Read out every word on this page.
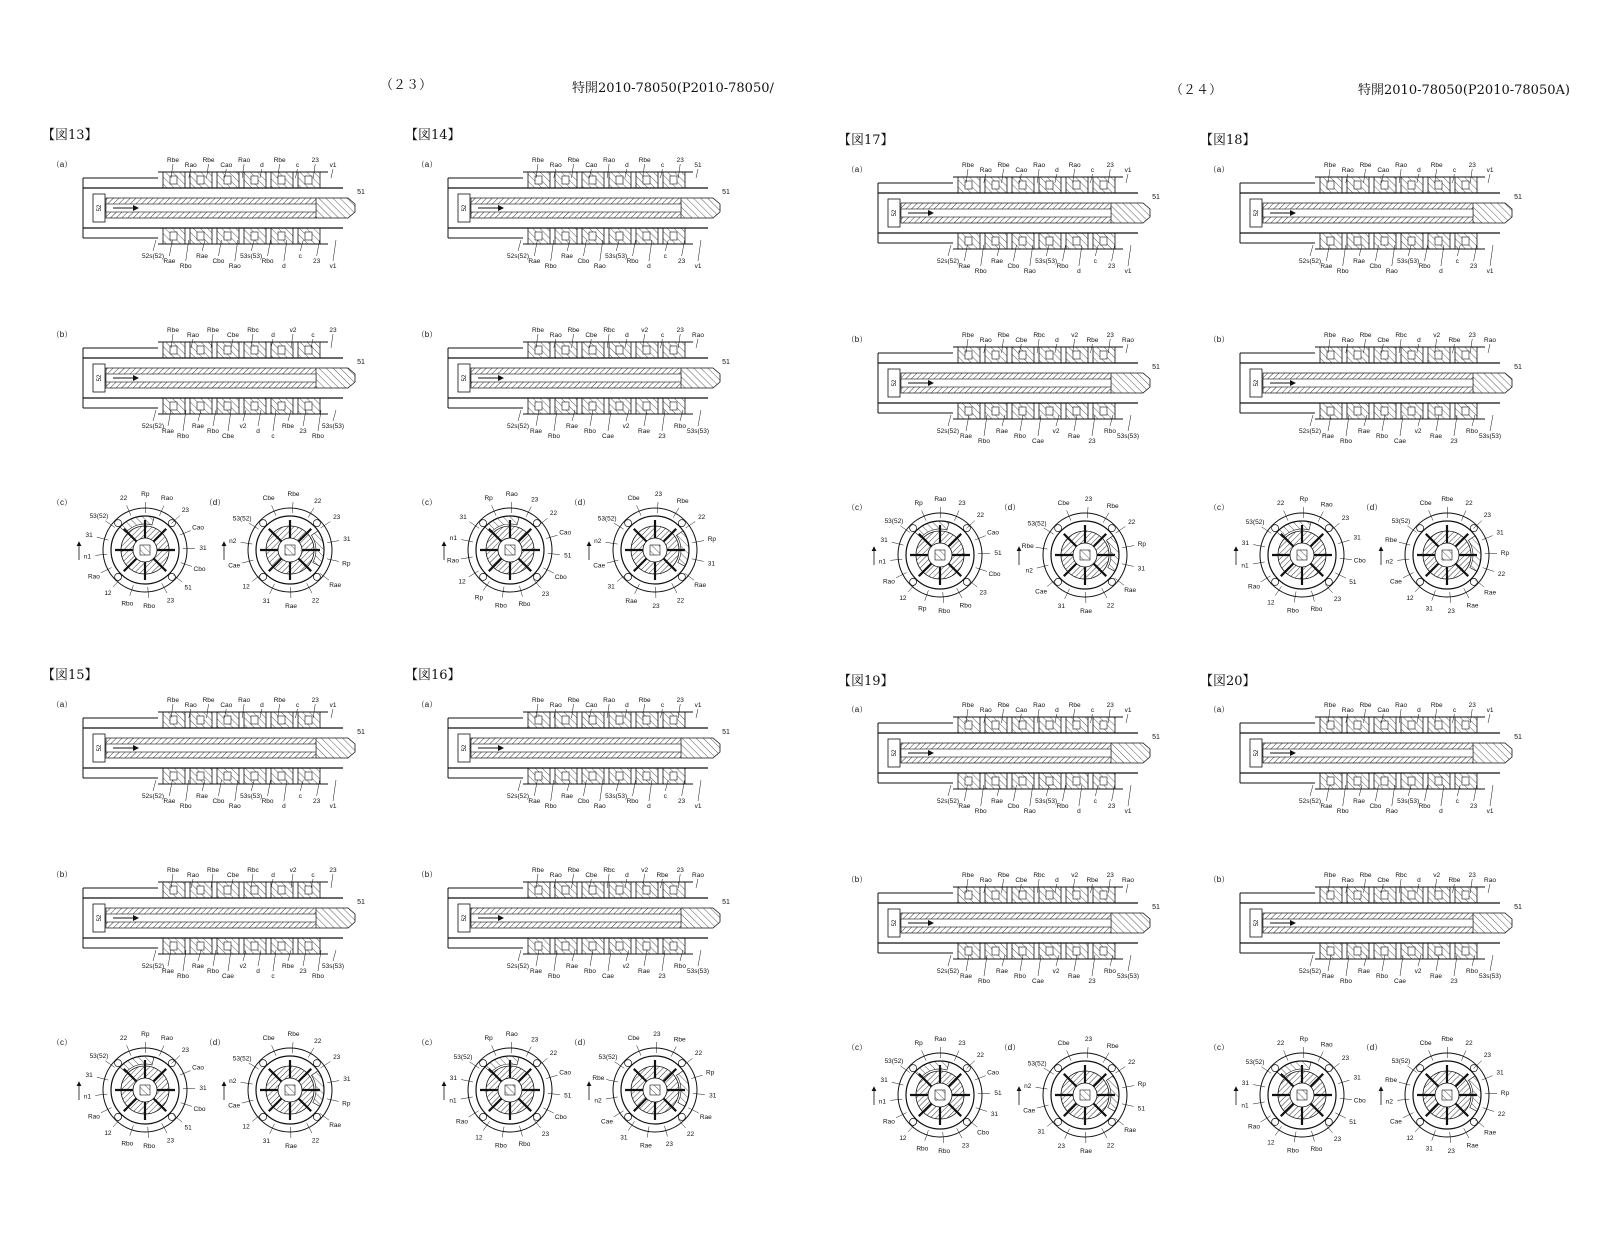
（２３）	特開2010-78050(P2010-78050/	（２４）	特開2010-78050(P2010-78050A)
【図13】	【図14】
【図15】	【図16】
【図17】	【図18】
【図19】	【図20】
（a）
52
51
Rbe
Rao
Rbe
Cao
Rao
d
Rbe
c
23
v1
52s(52)
Rae
Rbo
Rae
Cbo
Rao
53s(53)
Rbo
d
c
23
v1
（b）
52
51
Rbe
Rao
Rbe
Cbe
Rbc
d
v2
c
23
52s(52)
Rae
Rbo
Rae
Rbo
Cbe
v2
d
c
Rbe
23
Rbo
53s(53)
（c）	22
Rp
Rao
23
Cao
31
Cbo
51
23
Rbo
Rbo
12
Rao
n1
31
53(52)
（d）	Cbe
Rbe
22
23
31
Rp
Rae
22
Rae
31
12
Cae
n2
53(52)
（a）
52
51
Rbe
Rao
Rbe
Cao
Rao
d
Rbe
c
23
51
52s(52)
Rae
Rbo
Rae
Cbo
Rao
53s(53)
Rbo
d
c
23
v1
（b）
52
51
Rbe
Rao
Rbe
Cbe
Rbc
d
v2
c
23
Rao
52s(52)
Rae
Rbo
Rae
Rbo
Cae
v2
Rae
23
Rbo
53s(53)
（c）	Rp
Rao
23
22
Cao
51
Cbo
23
Rbo
Rbo
Rp
12
Rao
n1
31
（d）	Cbe
23
Rbe
22
Rp
31
Rae
22
23
Rae
31
Cae
n2
53(52)
（a）
52
51
Rbe
Rao
Rbe
Cao
Rao
d
Rbe
c
23
v1
52s(52)
Rae
Rbo
Rae
Cbo
Rao
53s(53)
Rbo
d
c
23
v1
（b）
52
51
Rbe
Rao
Rbe
Cbe
Rbc
d
v2
c
23
52s(52)
Rae
Rbo
Rae
Rbo
Cae
v2
d
c
Rbe
23
Rbo
53s(53)
（c）	22
Rp
Rao
23
Cao
31
Cbo
51
23
Rbo
Rbo
12
Rao
n1
31
53(52)
（d）	Cbe
Rbe
22
23
31
Rp
Rae
22
Rae
31
12
Cae
n2
53(52)
（a）
52
51
Rbe
Rao
Rbe
Cao
Rao
d
Rbe
c
23
v1
52s(52)
Rae
Rbo
Rae
Cbo
Rao
53s(53)
Rbo
d
c
23
v1
（b）
52
51
Rbe
Rao
Rbe
Cbe
Rbc
d
v2
Rbe
23
Rao
52s(52)
Rae
Rbo
Rae
Rbo
Cae
v2
Rae
23
Rbo
53s(53)
（c）	Rp
Rao
23
22
Cao
51
Cbo
23
Rbo
Rbo
12
Rao
n1
31
53(52)
（d）	Cbe
23
Rbe
22
Rp
31
Rae
22
23
Rae
31
Cae
n2
Rbe
53(52)
（a）
52
51
Rbe
Rao
Rbe
Cao
Rao
d
Rao
c
23
v1
52s(52)
Rae
Rbo
Rae
Cbo
Rao
53s(53)
Rbo
d
c
23
v1
（b）
52
51
Rbe
Rao
Rbe
Cbe
Rbc
d
v2
Rbe
23
Rao
52s(52)
Rae
Rbo
Rae
Rbo
Cae
v2
Rae
23
Rbo
53s(53)
（c）	Rp
Rao
23
22
Cao
51
Cbo
23
Rbo
Rbo
Rp
12
Rao
n1
31
53(52)
（d）	Cbe
23
Rbe
22
Rp
31
Rae
22
Rae
31
Cae
n2
Rbe
53(52)
（a）
52
51
Rbe
Rao
Rbe
Cao
Rao
d
Rbe
c
23
v1
52s(52)
Rae
Rbo
Rae
Cbo
Rao
53s(53)
Rbo
d
c
23
v1
（b）
52
51
Rbe
Rao
Rbe
Cbe
Rbc
d
v2
Rbe
23
Rao
52s(52)
Rae
Rbo
Rae
Rbo
Cae
v2
Rae
23
Rbo
53s(53)
（c）	22
Rp
Rao
23
31
Cbo
51
23
Rbo
Rbo
12
Rao
n1
31
53(52)
（d）	Cbe
Rbe
22
23
31
Rp
22
Rae
Rae
23
31
12
Cae
n2
Rbe
53(52)
（a）
52
51
Rbe
Rao
Rbe
Cao
Rao
d
Rbe
c
23
v1
52s(52)
Rae
Rbo
Rae
Cbo
Rao
53s(53)
Rbo
d
c
23
v1
（b）
52
51
Rbe
Rao
Rbe
Cbe
Rbc
d
v2
Rbe
23
Rao
52s(52)
Rae
Rbo
Rae
Rbo
Cae
v2
Rae
23
Rbo
53s(53)
（c）	Rp
Rao
23
22
Cao
51
31
Cbo
23
Rbo
Rbo
12
Rao
n1
31
53(52)
（d）	Cbe
23
Rbe
22
Rp
51
Rae
22
Rae
23
31
Cae
n2
53(52)
（a）
52
51
Rbe
Rao
Rbe
Cao
Rao
d
Rbe
c
23
v1
52s(52)
Rae
Rbo
Rae
Cbo
Rao
53s(53)
Rbo
d
c
23
v1
（b）
52
51
Rbe
Rao
Rbe
Cbe
Rbc
d
v2
Rbe
23
Rao
52s(52)
Rae
Rbo
Rae
Rbo
Cae
v2
Rae
23
Rbo
53s(53)
（c）	22
Rp
Rao
23
31
Cbo
51
23
Rbo
Rbo
12
Rao
n1
31
53(52)
（d）	Cbe
Rbe
22
23
31
Rp
22
Rae
Rae
23
31
12
Cae
n2
Rbe
53(52)
